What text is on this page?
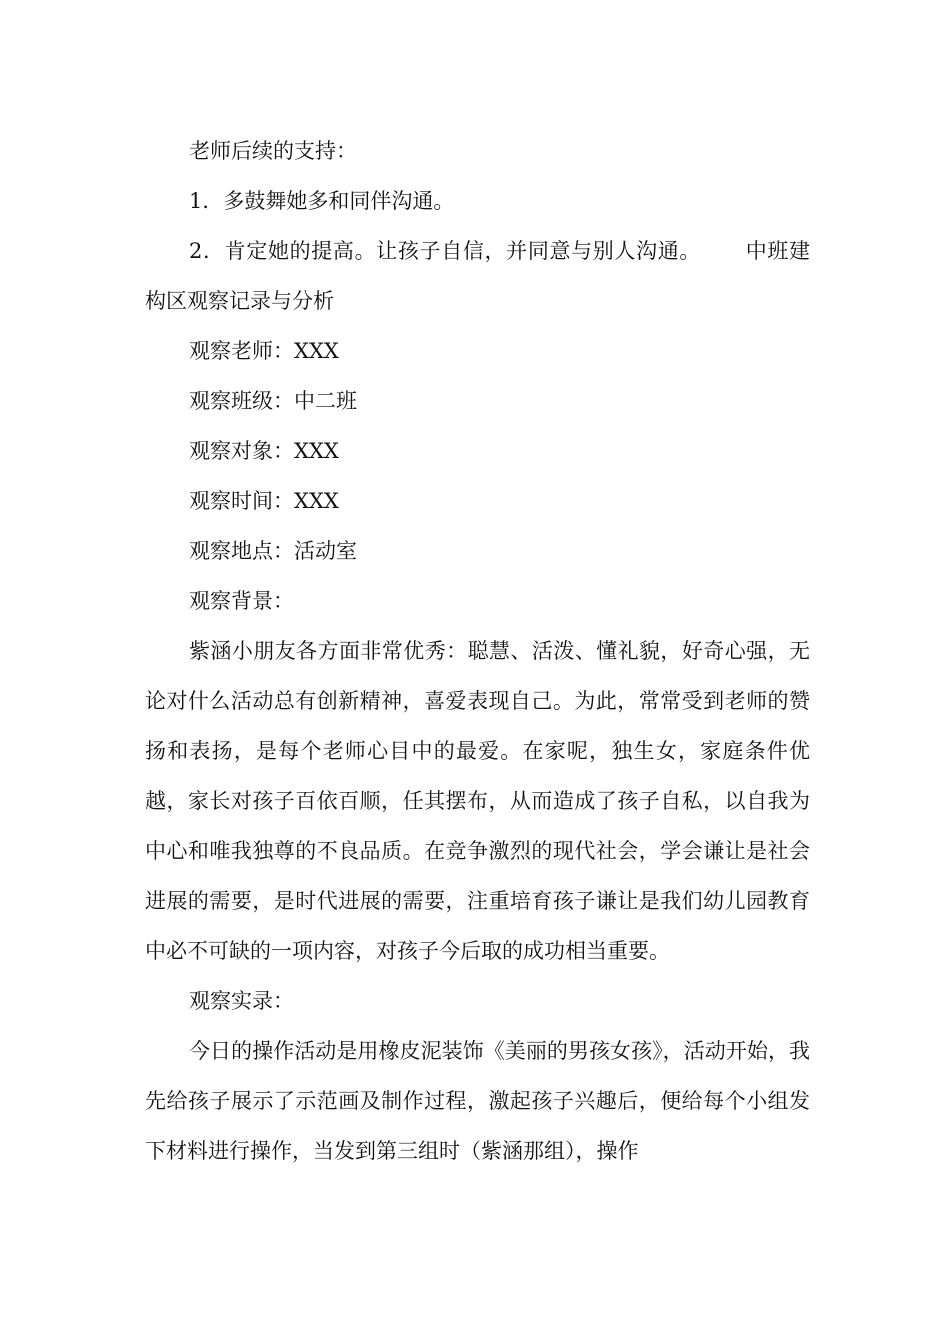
老师后续的支持：

1．多鼓舞她多和同伴沟通。

2．肯定她的提高。让孩子自信，并同意与别人沟通。 中班建构区观察记录与分析

观察老师：XXX

观察班级：中二班

观察对象：XXX

观察时间：XXX

观察地点：活动室

观察背景：

紫涵小朋友各方面非常优秀：聪慧、活泼、懂礼貌，好奇心强，无论对什么活动总有创新精神，喜爱表现自己。为此，常常受到老师的赞扬和表扬，是每个老师心目中的最爱。在家呢，独生女，家庭条件优越，家长对孩子百依百顺，任其摆布，从而造成了孩子自私，以自我为中心和唯我独尊的不良品质。在竞争激烈的现代社会，学会谦让是社会进展的需要，是时代进展的需要，注重培育孩子谦让是我们幼儿园教育中必不可缺的一项内容，对孩子今后取的成功相当重要。

观察实录：

今日的操作活动是用橡皮泥装饰《美丽的男孩女孩》，活动开始，我先给孩子展示了示范画及制作过程，激起孩子兴趣后，便给每个小组发下材料进行操作，当发到第三组时（紫涵那组），操作
